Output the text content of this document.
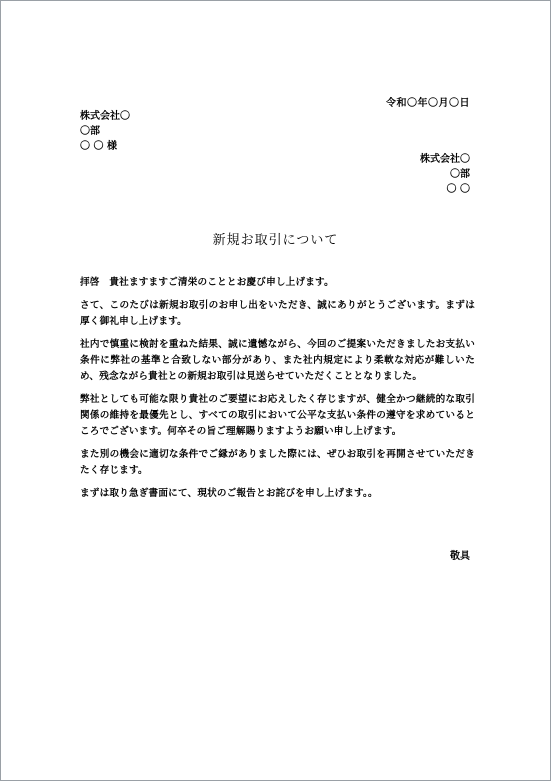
令和〇年〇月〇日
株式会社〇
〇部
〇 〇 様
株式会社〇
〇部
〇 〇
新規お取引について

拝啓　貴社ますますご清栄のこととお慶び申し上げます。

さて、このたびは新規お取引のお申し出をいただき、誠にありがとうございます。まずは厚く御礼申し上げます。

社内で慎重に検討を重ねた結果、誠に遺憾ながら、今回のご提案いただきましたお支払い条件に弊社の基準と合致しない部分があり、また社内規定により柔軟な対応が難しいため、残念ながら貴社との新規お取引は見送らせていただくこととなりました。

弊社としても可能な限り貴社のご要望にお応えしたく存じますが、健全かつ継続的な取引関係の維持を最優先とし、すべての取引において公平な支払い条件の遵守を求めているところでございます。何卒その旨ご理解賜りますようお願い申し上げます。

また別の機会に適切な条件でご縁がありました際には、ぜひお取引を再開させていただきたく存じます。

まずは取り急ぎ書面にて、現状のご報告とお詫びを申し上げます。。

敬具
